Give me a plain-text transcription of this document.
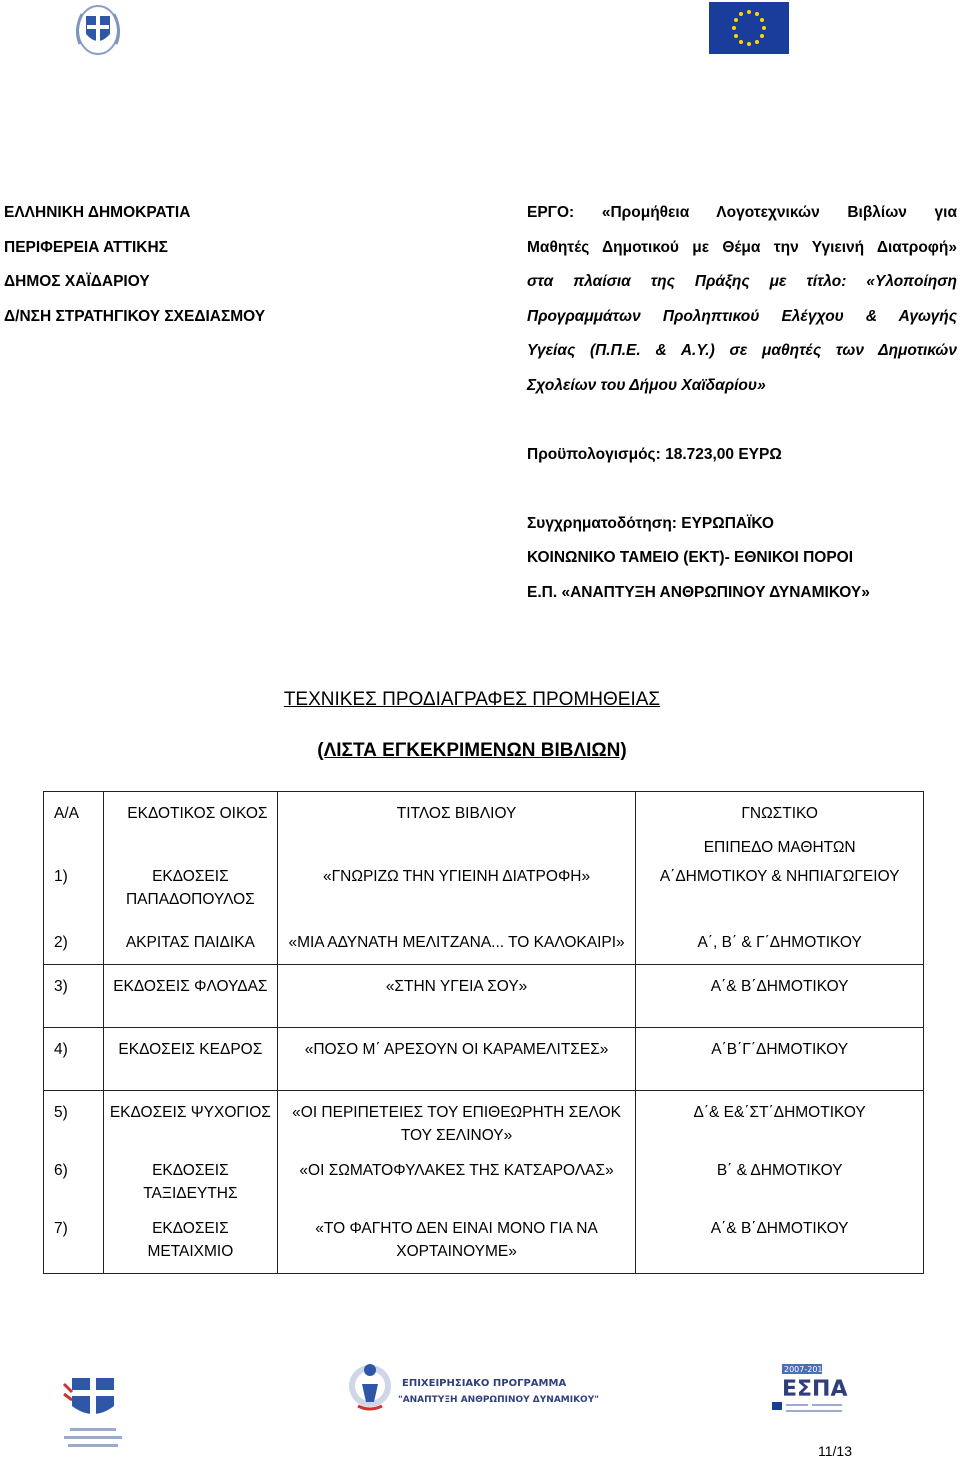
ΕΛΛΗΝΙΚΗ ΔΗΜΟΚΡΑΤΙΑ
ΠΕΡΙΦΕΡΕΙΑ ΑΤΤΙΚΗΣ
ΔΗΜΟΣ ΧΑΪΔΑΡΙΟΥ
Δ/ΝΣΗ ΣΤΡΑΤΗΓΙΚΟΥ ΣΧΕΔΙΑΣΜΟΥ
ΕΡΓΟ: «Προμήθεια Λογοτεχνικών Βιβλίων για
Μαθητές Δημοτικού με Θέμα την Υγιεινή Διατροφή»
στα πλαίσια της Πράξης με τίτλο: «Υλοποίηση
Προγραμμάτων Προληπτικού Ελέγχου & Αγωγής
Υγείας (Π.Π.Ε. & Α.Υ.) σε μαθητές των Δημοτικών
Σχολείων του Δήμου Χαϊδαρίου»
Προϋπολογισμός: 18.723,00 ΕΥΡΩ
Συγχρηματοδότηση: ΕΥΡΩΠΑΪΚΟ
ΚΟΙΝΩΝΙΚΟ ΤΑΜΕΙΟ (ΕΚΤ)- ΕΘΝΙΚΟΙ ΠΟΡΟΙ
Ε.Π. «ΑΝΑΠΤΥΞΗ ΑΝΘΡΩΠΙΝΟΥ ΔΥΝΑΜΙΚΟΥ»
ΤΕΧΝΙΚΕΣ ΠΡΟΔΙΑΓΡΑΦΕΣ ΠΡΟΜΗΘΕΙΑΣ
(ΛΙΣΤΑ ΕΓΚΕΚΡΙΜΕΝΩΝ ΒΙΒΛΙΩΝ)
Α/Α	ΕΚΔΟΤΙΚΟΣ ΟΙΚΟΣ	ΤΙΤΛΟΣ ΒΙΒΛΙΟΥ	ΓΝΩΣΤΙΚΟ
ΕΠΙΠΕΔΟ ΜΑΘΗΤΩΝ

1)	ΕΚΔΟΣΕΙΣ ΠΑΠΑΔΟΠΟΥΛΟΣ	«ΓΝΩΡΙΖΩ ΤΗΝ ΥΓΙΕΙΝΗ ΔΙΑΤΡΟΦΗ»	Α΄ΔΗΜΟΤΙΚΟΥ & ΝΗΠΙΑΓΩΓΕΙΟΥ
2)	ΑΚΡΙΤΑΣ ΠΑΙΔΙΚΑ	«ΜΙΑ ΑΔΥΝΑΤΗ ΜΕΛΙΤΖΑΝΑ... ΤΟ ΚΑΛΟΚΑΙΡΙ»	Α΄, Β΄ & Γ΄ΔΗΜΟΤΙΚΟΥ
3)	ΕΚΔΟΣΕΙΣ ΦΛΟΥΔΑΣ	«ΣΤΗΝ ΥΓΕΙΑ ΣΟΥ»	Α΄& Β΄ΔΗΜΟΤΙΚΟΥ
4)	ΕΚΔΟΣΕΙΣ ΚΕΔΡΟΣ	«ΠΟΣΟ Μ΄ ΑΡΕΣΟΥΝ ΟΙ ΚΑΡΑΜΕΛΙΤΣΕΣ»	Α΄Β΄Γ΄ΔΗΜΟΤΙΚΟΥ
5)	ΕΚΔΟΣΕΙΣ ΨΥΧΟΓΙΟΣ	«ΟΙ ΠΕΡΙΠΕΤΕΙΕΣ ΤΟΥ ΕΠΙΘΕΩΡΗΤΗ ΣΕΛΟΚ ΤΟΥ ΣΕΛΙΝΟΥ»	Δ΄& Ε&΄ΣΤ΄ΔΗΜΟΤΙΚΟΥ
6)	ΕΚΔΟΣΕΙΣ ΤΑΞΙΔΕΥΤΗΣ	«ΟΙ ΣΩΜΑΤΟΦΥΛΑΚΕΣ ΤΗΣ ΚΑΤΣΑΡΟΛΑΣ»	Β΄ & ΔΗΜΟΤΙΚΟΥ
7)	ΕΚΔΟΣΕΙΣ ΜΕΤΑΙΧΜΙΟ	«ΤΟ ΦΑΓΗΤΟ ΔΕΝ ΕΙΝΑΙ ΜΟΝΟ ΓΙΑ ΝΑ ΧΟΡΤΑΙΝΟΥΜΕ»	Α΄& Β΄ΔΗΜΟΤΙΚΟΥ
ΕΠΙΧΕΙΡΗΣΙΑΚΟ ΠΡΟΓΡΑΜΜΑ
"ΑΝΑΠΤΥΞΗ ΑΝΘΡΩΠΙΝΟΥ ΔΥΝΑΜΙΚΟΥ"
2007-2013
ΕΣΠΑ
11/13
